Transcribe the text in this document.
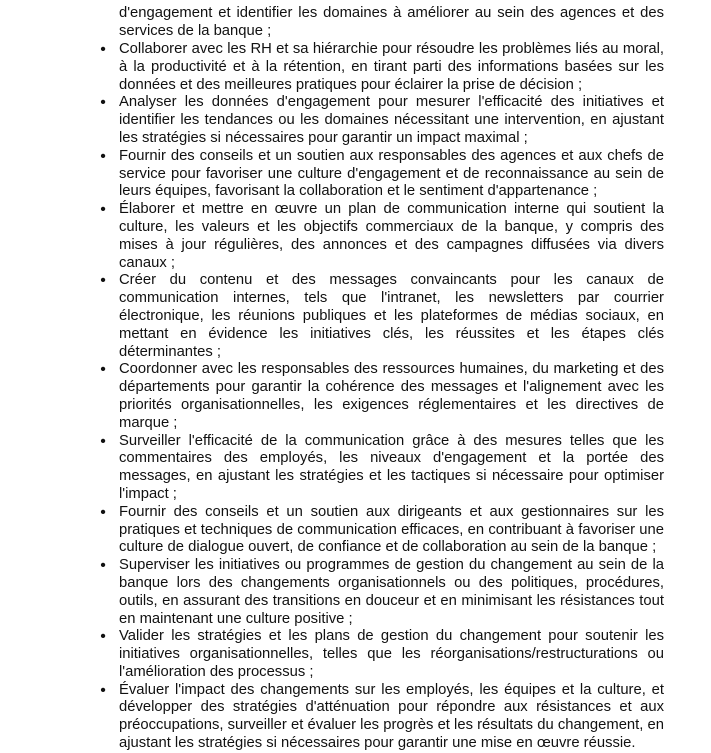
d'engagement et identifier les domaines à améliorer au sein des agences et des services de la banque ;

• Collaborer avec les RH et sa hiérarchie pour résoudre les problèmes liés au moral, à la productivité et à la rétention, en tirant parti des informations basées sur les données et des meilleures pratiques pour éclairer la prise de décision ;
• Analyser les données d'engagement pour mesurer l'efficacité des initiatives et identifier les tendances ou les domaines nécessitant une intervention, en ajustant les stratégies si nécessaires pour garantir un impact maximal ;
• Fournir des conseils et un soutien aux responsables des agences et aux chefs de service pour favoriser une culture d'engagement et de reconnaissance au sein de leurs équipes, favorisant la collaboration et le sentiment d'appartenance ;
• Élaborer et mettre en œuvre un plan de communication interne qui soutient la culture, les valeurs et les objectifs commerciaux de la banque, y compris des mises à jour régulières, des annonces et des campagnes diffusées via divers canaux ;
• Créer du contenu et des messages convaincants pour les canaux de communication internes, tels que l'intranet, les newsletters par courrier électronique, les réunions publiques et les plateformes de médias sociaux, en mettant en évidence les initiatives clés, les réussites et les étapes clés déterminantes ;
• Coordonner avec les responsables des ressources humaines, du marketing et des départements pour garantir la cohérence des messages et l'alignement avec les priorités organisationnelles, les exigences réglementaires et les directives de marque ;
• Surveiller l'efficacité de la communication grâce à des mesures telles que les commentaires des employés, les niveaux d'engagement et la portée des messages, en ajustant les stratégies et les tactiques si nécessaire pour optimiser l'impact ;
• Fournir des conseils et un soutien aux dirigeants et aux gestionnaires sur les pratiques et techniques de communication efficaces, en contribuant à favoriser une culture de dialogue ouvert, de confiance et de collaboration au sein de la banque ;
• Superviser les initiatives ou programmes de gestion du changement au sein de la banque lors des changements organisationnels ou des politiques, procédures, outils, en assurant des transitions en douceur et en minimisant les résistances tout en maintenant une culture positive ;
• Valider les stratégies et les plans de gestion du changement pour soutenir les initiatives organisationnelles, telles que les réorganisations/restructurations ou l'amélioration des processus ;
• Évaluer l'impact des changements sur les employés, les équipes et la culture, et développer des stratégies d'atténuation pour répondre aux résistances et aux préoccupations, surveiller et évaluer les progrès et les résultats du changement, en ajustant les stratégies si nécessaires pour garantir une mise en œuvre réussie.
